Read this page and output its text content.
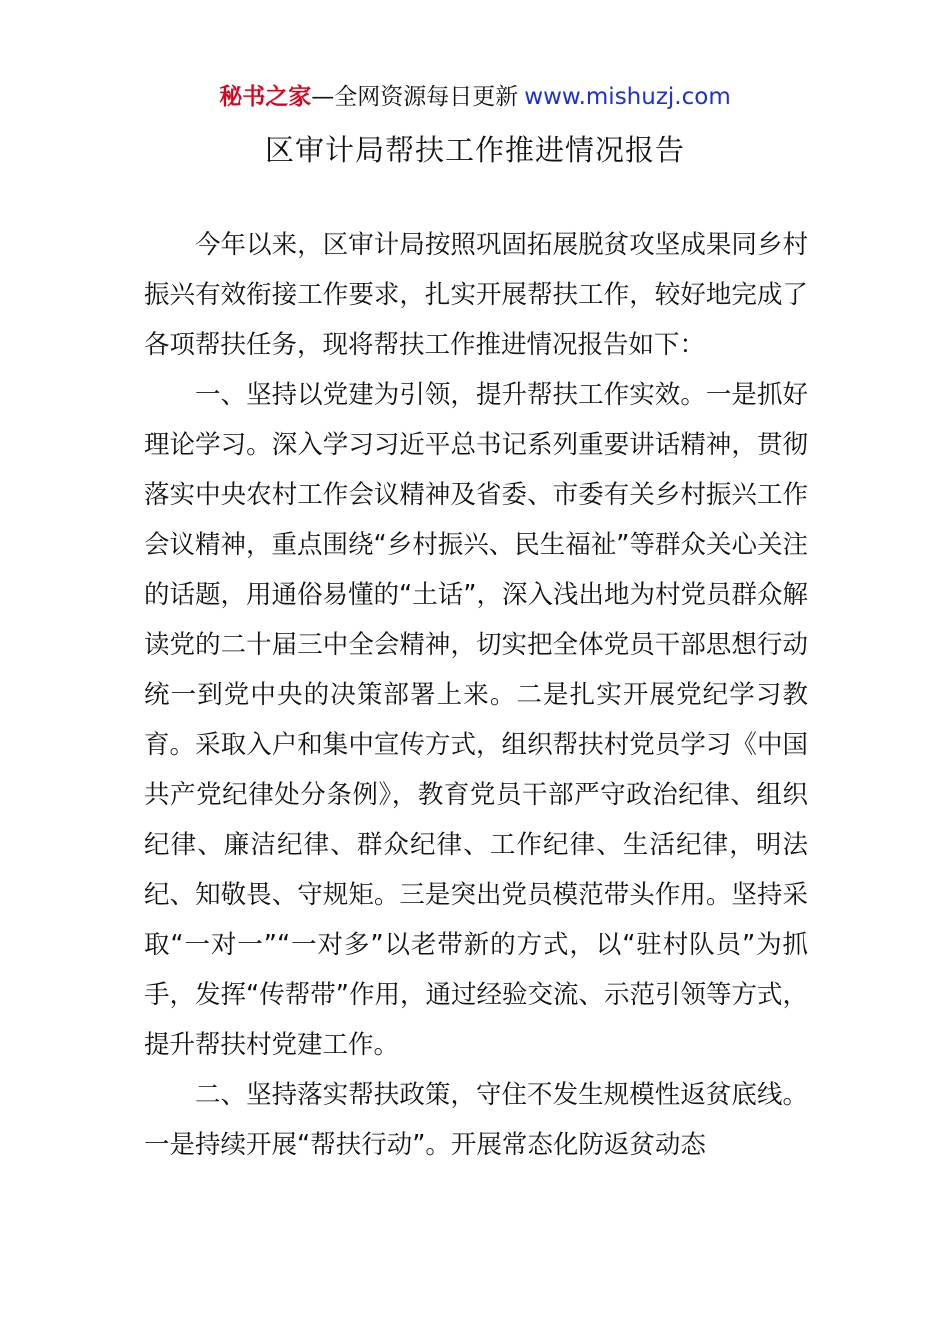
秘书之家—全网资源每日更新 www.mishuzj.com
区审计局帮扶工作推进情况报告

今年以来，区审计局按照巩固拓展脱贫攻坚成果同乡村振兴有效衔接工作要求，扎实开展帮扶工作，较好地完成了各项帮扶任务，现将帮扶工作推进情况报告如下：

一、坚持以党建为引领，提升帮扶工作实效。一是抓好理论学习。深入学习习近平总书记系列重要讲话精神，贯彻落实中央农村工作会议精神及省委、市委有关乡村振兴工作会议精神，重点围绕“乡村振兴、民生福祉”等群众关心关注的话题，用通俗易懂的“土话”，深入浅出地为村党员群众解读党的二十届三中全会精神，切实把全体党员干部思想行动统一到党中央的决策部署上来。二是扎实开展党纪学习教育。采取入户和集中宣传方式，组织帮扶村党员学习《中国共产党纪律处分条例》，教育党员干部严守政治纪律、组织纪律、廉洁纪律、群众纪律、工作纪律、生活纪律，明法纪、知敬畏、守规矩。三是突出党员模范带头作用。坚持采取“一对一”“一对多”以老带新的方式，以“驻村队员”为抓手，发挥“传帮带”作用，通过经验交流、示范引领等方式，提升帮扶村党建工作。

二、坚持落实帮扶政策，守住不发生规模性返贫底线。一是持续开展“帮扶行动”。开展常态化防返贫动态
